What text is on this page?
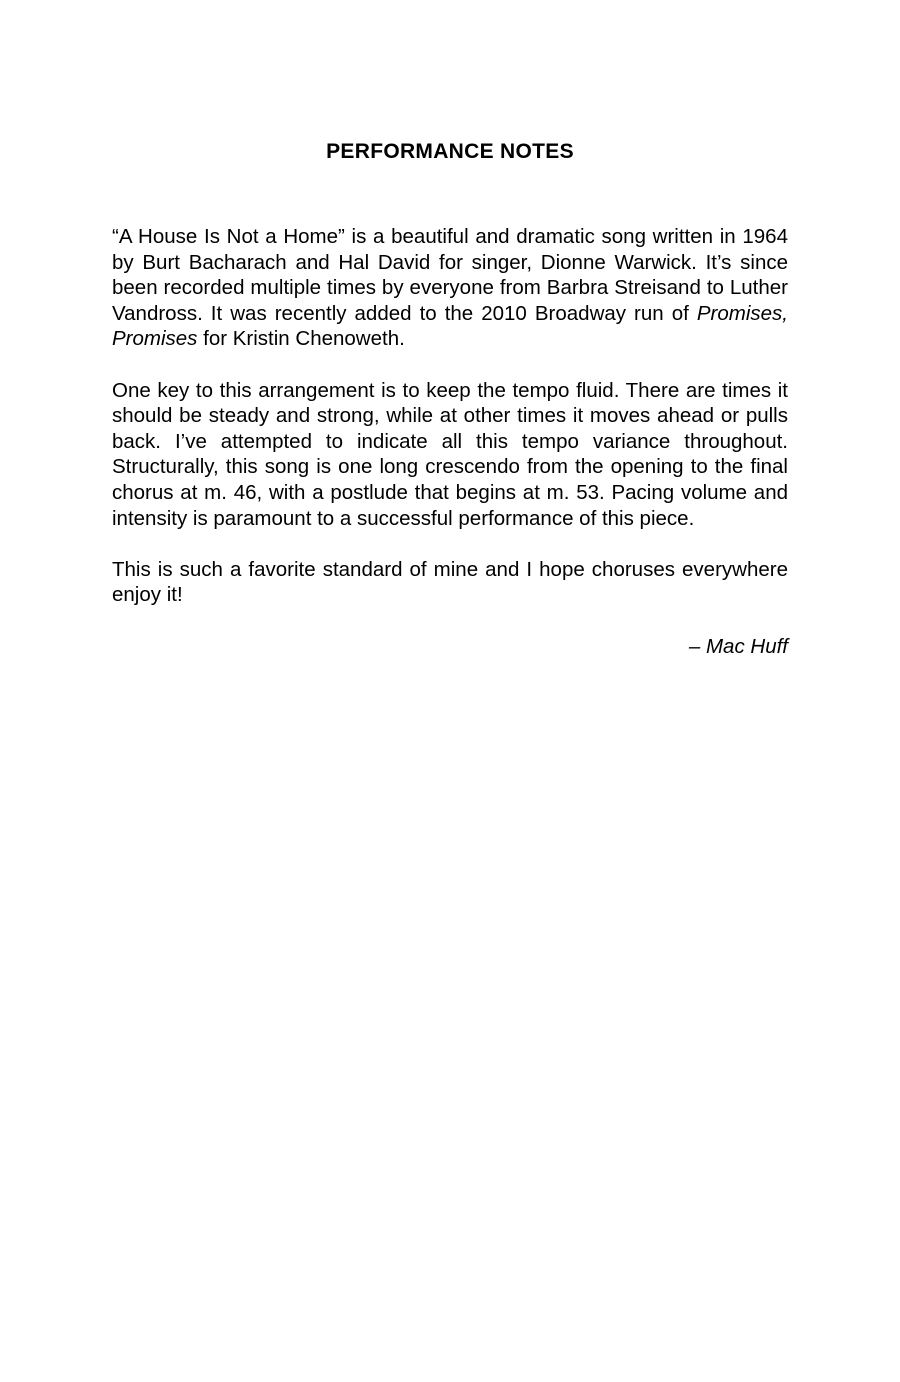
PERFORMANCE NOTES

“A House Is Not a Home” is a beautiful and dramatic song written in 1964 by Burt Bacharach and Hal David for singer, Dionne Warwick. It’s since been recorded multiple times by everyone from Barbra Streisand to Luther Vandross. It was recently added to the 2010 Broadway run of Promises, Promises for Kristin Chenoweth.

One key to this arrangement is to keep the tempo fluid. There are times it should be steady and strong, while at other times it moves ahead or pulls back. I’ve attempted to indicate all this tempo variance throughout. Structurally, this song is one long crescendo from the opening to the final chorus at m. 46, with a postlude that begins at m. 53. Pacing volume and intensity is paramount to a successful performance of this piece.

This is such a favorite standard of mine and I hope choruses everywhere enjoy it!

– Mac Huff
